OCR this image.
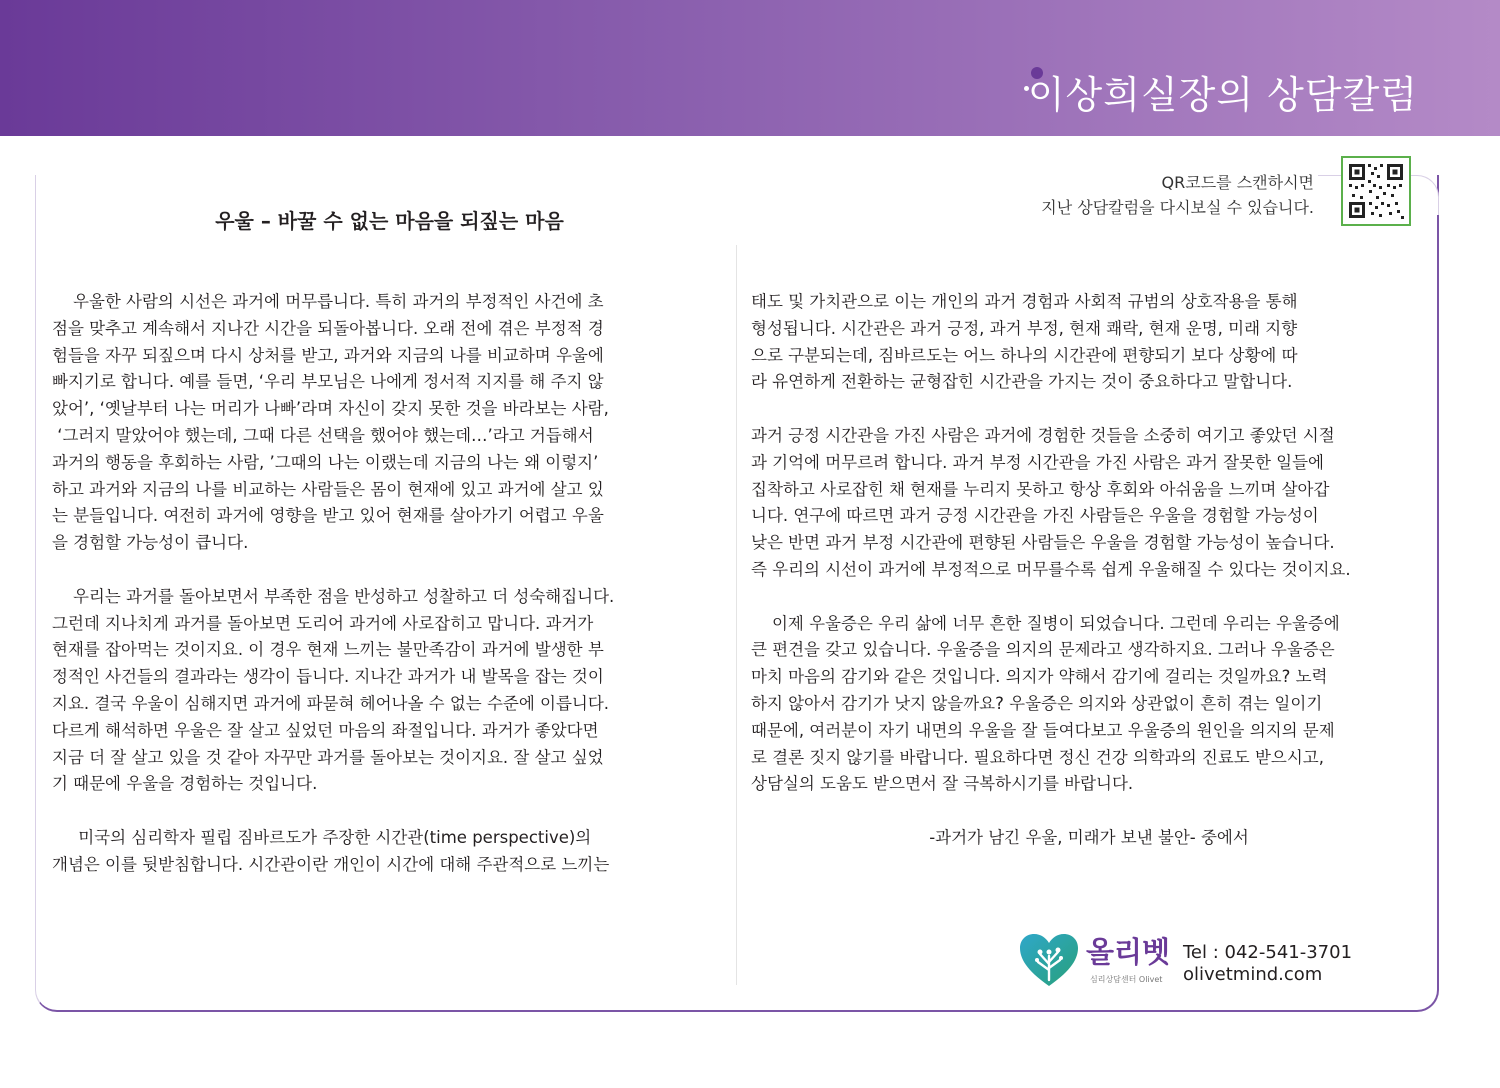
이상희실장의 상담칼럼
QR코드를 스캔하시면
지난 상담칼럼을 다시보실 수 있습니다.
우울 – 바꿀 수 없는 마음을 되짚는 마음
우울한 사람의 시선은 과거에 머무릅니다. 특히 과거의 부정적인 사건에 초
점을 맞추고 계속해서 지나간 시간을 되돌아봅니다. 오래 전에 겪은 부정적 경
험들을 자꾸 되짚으며 다시 상처를 받고, 과거와 지금의 나를 비교하며 우울에
빠지기로 합니다. 예를 들면, ‘우리 부모님은 나에게 정서적 지지를 해 주지 않
았어’, ‘옛날부터 나는 머리가 나빠’라며 자신이 갖지 못한 것을 바라보는 사람,
‘그러지 말았어야 했는데, 그때 다른 선택을 했어야 했는데…’라고 거듭해서
과거의 행동을 후회하는 사람, ’그때의 나는 이랬는데 지금의 나는 왜 이렇지’
하고 과거와 지금의 나를 비교하는 사람들은 몸이 현재에 있고 과거에 살고 있
는 분들입니다. 여전히 과거에 영향을 받고 있어 현재를 살아가기 어렵고 우울
을 경험할 가능성이 큽니다.
우리는 과거를 돌아보면서 부족한 점을 반성하고 성찰하고 더 성숙해집니다.
그런데 지나치게 과거를 돌아보면 도리어 과거에 사로잡히고 맙니다. 과거가
현재를 잡아먹는 것이지요. 이 경우 현재 느끼는 불만족감이 과거에 발생한 부
정적인 사건들의 결과라는 생각이 듭니다. 지나간 과거가 내 발목을 잡는 것이
지요. 결국 우울이 심해지면 과거에 파묻혀 헤어나올 수 없는 수준에 이릅니다.
다르게 해석하면 우울은 잘 살고 싶었던 마음의 좌절입니다. 과거가 좋았다면
지금 더 잘 살고 있을 것 같아 자꾸만 과거를 돌아보는 것이지요. 잘 살고 싶었
기 때문에 우울을 경험하는 것입니다.
미국의 심리학자 필립 짐바르도가 주장한 시간관(time perspective)의
개념은 이를 뒷받침합니다. 시간관이란 개인이 시간에 대해 주관적으로 느끼는
태도 및 가치관으로 이는 개인의 과거 경험과 사회적 규범의 상호작용을 통해
형성됩니다. 시간관은 과거 긍정, 과거 부정, 현재 쾌락, 현재 운명, 미래 지향
으로 구분되는데, 짐바르도는 어느 하나의 시간관에 편향되기 보다 상황에 따
라 유연하게 전환하는 균형잡힌 시간관을 가지는 것이 중요하다고 말합니다.
과거 긍정 시간관을 가진 사람은 과거에 경험한 것들을 소중히 여기고 좋았던 시절
과 기억에 머무르려 합니다. 과거 부정 시간관을 가진 사람은 과거 잘못한 일들에
집착하고 사로잡힌 채 현재를 누리지 못하고 항상 후회와 아쉬움을 느끼며 살아갑
니다. 연구에 따르면 과거 긍정 시간관을 가진 사람들은 우울을 경험할 가능성이
낮은 반면 과거 부정 시간관에 편향된 사람들은 우울을 경험할 가능성이 높습니다.
즉 우리의 시선이 과거에 부정적으로 머무를수록 쉽게 우울해질 수 있다는 것이지요.
이제 우울증은 우리 삶에 너무 흔한 질병이 되었습니다. 그런데 우리는 우울증에
큰 편견을 갖고 있습니다. 우울증을 의지의 문제라고 생각하지요. 그러나 우울증은
마치 마음의 감기와 같은 것입니다. 의지가 약해서 감기에 걸리는 것일까요? 노력
하지 않아서 감기가 낫지 않을까요? 우울증은 의지와 상관없이 흔히 겪는 일이기
때문에, 여러분이 자기 내면의 우울을 잘 들여다보고 우울증의 원인을 의지의 문제
로 결론 짓지 않기를 바랍니다. 필요하다면 정신 건강 의학과의 진료도 받으시고,
상담실의 도움도 받으면서 잘 극복하시기를 바랍니다.
-과거가 남긴 우울, 미래가 보낸 불안- 중에서
올리벳
심리상담센터 Olivet
Tel : 042-541-3701
olivetmind.com
